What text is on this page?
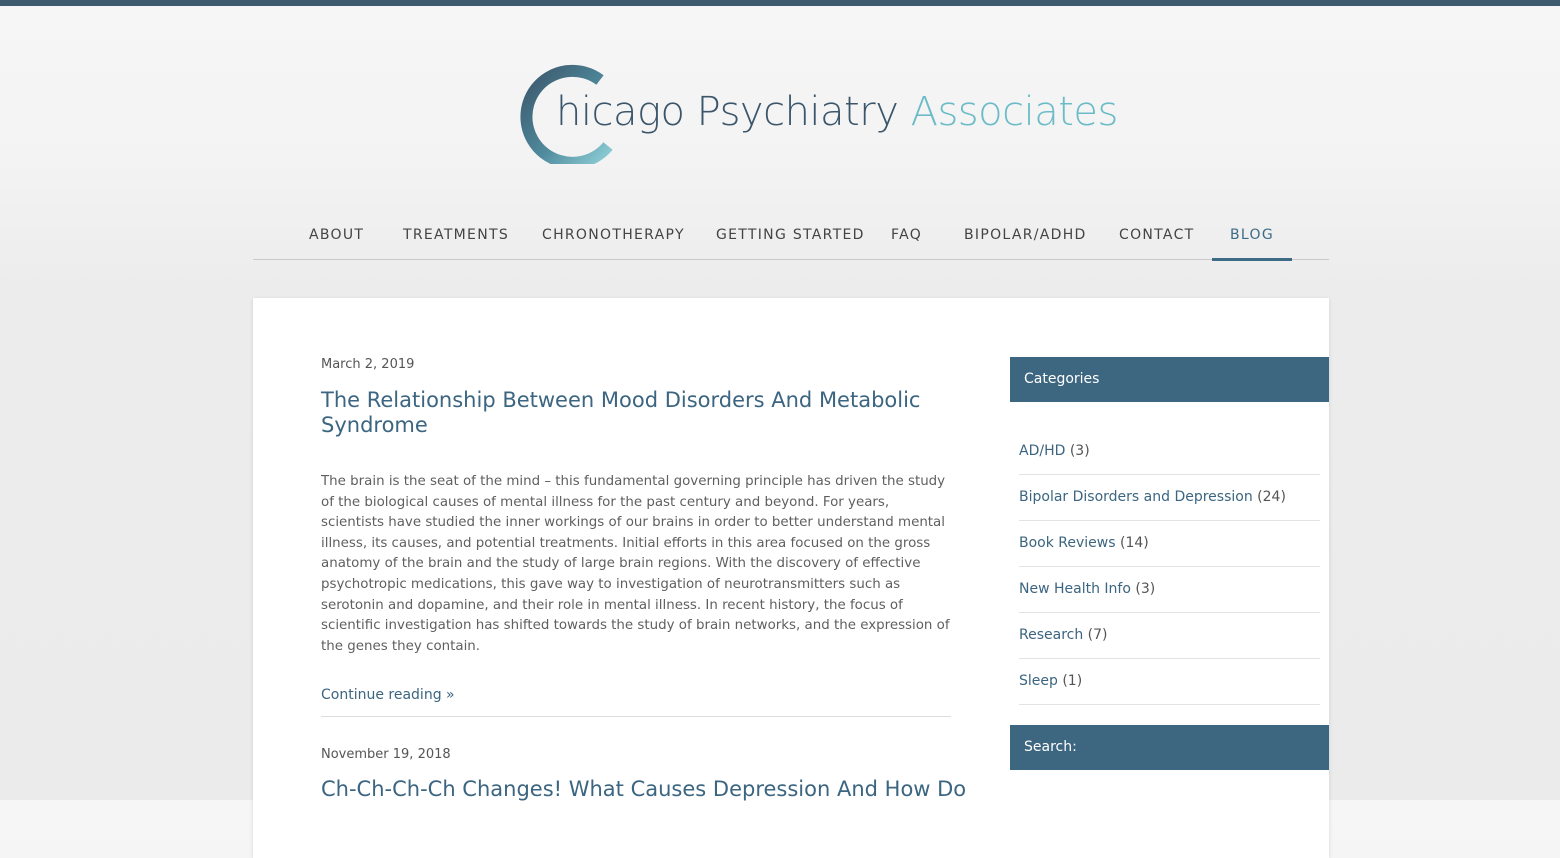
hicago Psychiatry Associates
ABOUT	TREATMENTS CHRONOTHERAPY GETTING STARTED FAQ	BIPOLAR/ADHD CONTACT	BLOG
March 2, 2019
The Relationship Between Mood Disorders And Metabolic Syndrome
The brain is the seat of the mind – this fundamental governing principle has driven the study of the biological causes of mental illness for the past century and beyond. For years, scientists have studied the inner workings of our brains in order to better understand mental illness, its causes, and potential treatments. Initial efforts in this area focused on the gross anatomy of the brain and the study of large brain regions. With the discovery of effective psychotropic medications, this gave way to investigation of neurotransmitters such as serotonin and dopamine, and their role in mental illness. In recent history, the focus of scientific investigation has shifted towards the study of brain networks, and the expression of the genes they contain.
Continue reading »
November 19, 2018
Ch-Ch-Ch-Ch Changes! What Causes Depression And How Do
Categories
AD/HD (3)
Bipolar Disorders and Depression (24)
Book Reviews (14)
New Health Info (3)
Research (7)
Sleep (1)
Search:
